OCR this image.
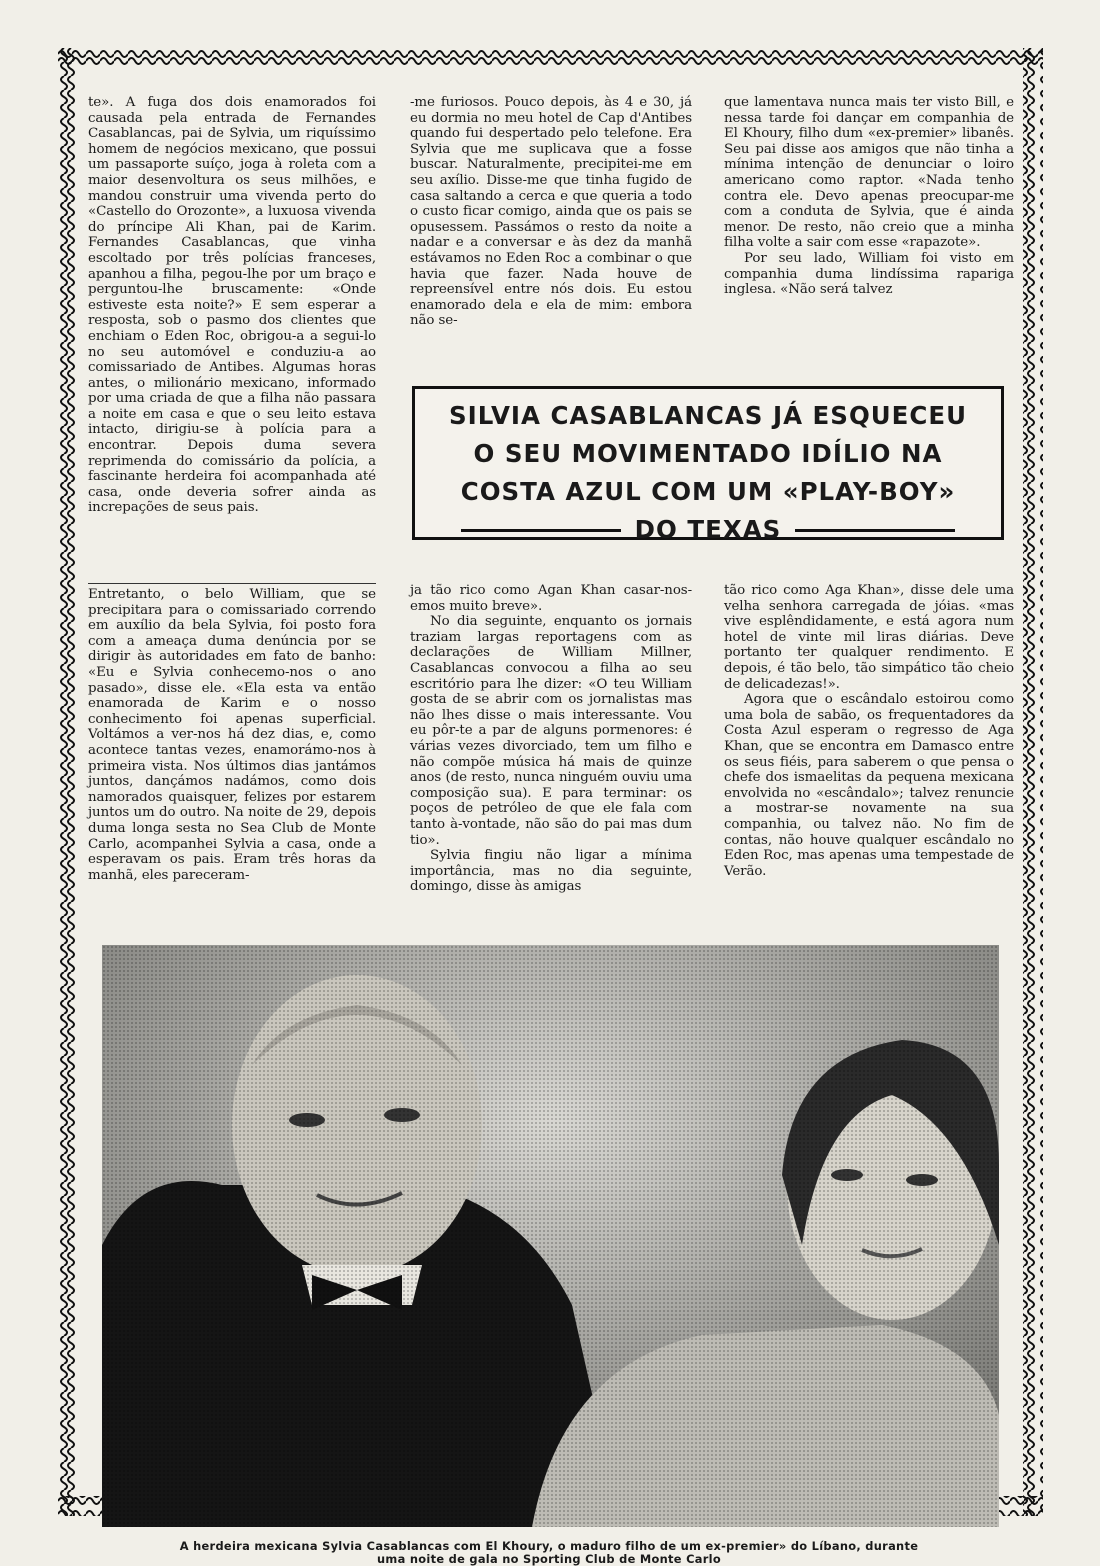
te». A fuga dos dois enamorados foi causada pela entrada de Fernandes Casablancas, pai de Sylvia, um riquíssimo homem de negócios mexicano, que possui um passaporte suíço, joga à roleta com a maior desenvoltura os seus milhões, e mandou construir uma vivenda perto do «Castello do Orozonte», a luxuosa vivenda do príncipe Ali Khan, pai de Karim. Fernandes Casablancas, que vinha escoltado por três polícias franceses, apanhou a filha, pegou-lhe por um braço e perguntou-lhe bruscamente: «Onde estiveste esta noite?» E sem esperar a resposta, sob o pasmo dos clientes que enchiam o Eden Roc, obrigou-a a segui-lo no seu automóvel e conduziu-a ao comissariado de Antibes. Algumas horas antes, o milionário mexicano, informado por uma criada de que a filha não passara a noite em casa e que o seu leito estava intacto, dirigiu-se à polícia para a encontrar. Depois duma severa reprimenda do comissário da polícia, a fascinante herdeira foi acompanhada até casa, onde deveria sofrer ainda as increpações de seus pais.

Entretanto, o belo William, que se precipitara para o comissariado correndo em auxílio da bela Sylvia, foi posto fora com a ameaça duma denúncia por se dirigir às autoridades em fato de banho: «Eu e Sylvia conhecemo-nos o ano pasado», disse ele. «Ela esta va então enamorada de Karim e o nosso conhecimento foi apenas superficial. Voltámos a ver-nos há dez dias, e, como acontece tantas vezes, enamorámo-nos à primeira vista. Nos últimos dias jantámos juntos, dançámos nadámos, como dois namorados quaisquer, felizes por estarem juntos um do outro. Na noite de 29, depois duma longa sesta no Sea Club de Monte Carlo, acompanhei Sylvia a casa, onde a esperavam os pais. Eram três horas da manhã, eles pareceram-

-me furiosos. Pouco depois, às 4 e 30, já eu dormia no meu hotel de Cap d'Antibes quando fui despertado pelo telefone. Era Sylvia que me suplicava que a fosse buscar. Naturalmente, precipitei-me em seu axílio. Disse-me que tinha fugido de casa saltando a cerca e que queria a todo o custo ficar comigo, ainda que os pais se opusessem. Passámos o resto da noite a nadar e a conversar e às dez da manhã estávamos no Eden Roc a combinar o que havia que fazer. Nada houve de repreensível entre nós dois. Eu estou enamorado dela e ela de mim: embora não se-

que lamentava nunca mais ter visto Bill, e nessa tarde foi dançar em companhia de El Khoury, filho dum «ex-premier» libanês. Seu pai disse aos amigos que não tinha a mínima intenção de denunciar o loiro americano como raptor. «Nada tenho contra ele. Devo apenas preocupar-me com a conduta de Sylvia, que é ainda menor. De resto, não creio que a minha filha volte a sair com esse «rapazote».

Por seu lado, William foi visto em companhia duma lindíssima rapariga inglesa. «Não será talvez

ja tão rico como Agan Khan casar-nos-emos muito breve».

No dia seguinte, enquanto os jornais traziam largas reportagens com as declarações de William Millner, Casablancas convocou a filha ao seu escritório para lhe dizer: «O teu William gosta de se abrir com os jornalistas mas não lhes disse o mais interessante. Vou eu pôr-te a par de alguns pormenores: é várias vezes divorciado, tem um filho e não compõe música há mais de quinze anos (de resto, nunca ninguém ouviu uma composição sua). E para terminar: os poços de petróleo de que ele fala com tanto à-vontade, não são do pai mas dum tio».

Sylvia fingiu não ligar a mínima importância, mas no dia seguinte, domingo, disse às amigas

tão rico como Aga Khan», disse dele uma velha senhora carregada de jóias. «mas vive esplêndidamente, e está agora num hotel de vinte mil liras diárias. Deve portanto ter qualquer rendimento. E depois, é tão belo, tão simpático tão cheio de delicadezas!».

Agora que o escândalo estoirou como uma bola de sabão, os frequentadores da Costa Azul esperam o regresso de Aga Khan, que se encontra em Damasco entre os seus fiéis, para saberem o que pensa o chefe dos ismaelitas da pequena mexicana envolvida no «escândalo»; talvez renuncie a mostrar-se novamente na sua companhia, ou talvez não. No fim de contas, não houve qualquer escândalo no Eden Roc, mas apenas uma tempestade de Verão.

SILVIA CASABLANCAS JÁ ESQUECEU
O SEU MOVIMENTADO IDÍLIO NA
COSTA AZUL COM UM «PLAY-BOY»
DO TEXAS
A herdeira mexicana Sylvia Casablancas com El Khoury, o maduro filho de um ex-premier» do Líbano, durante
uma noite de gala no Sporting Club de Monte Carlo
